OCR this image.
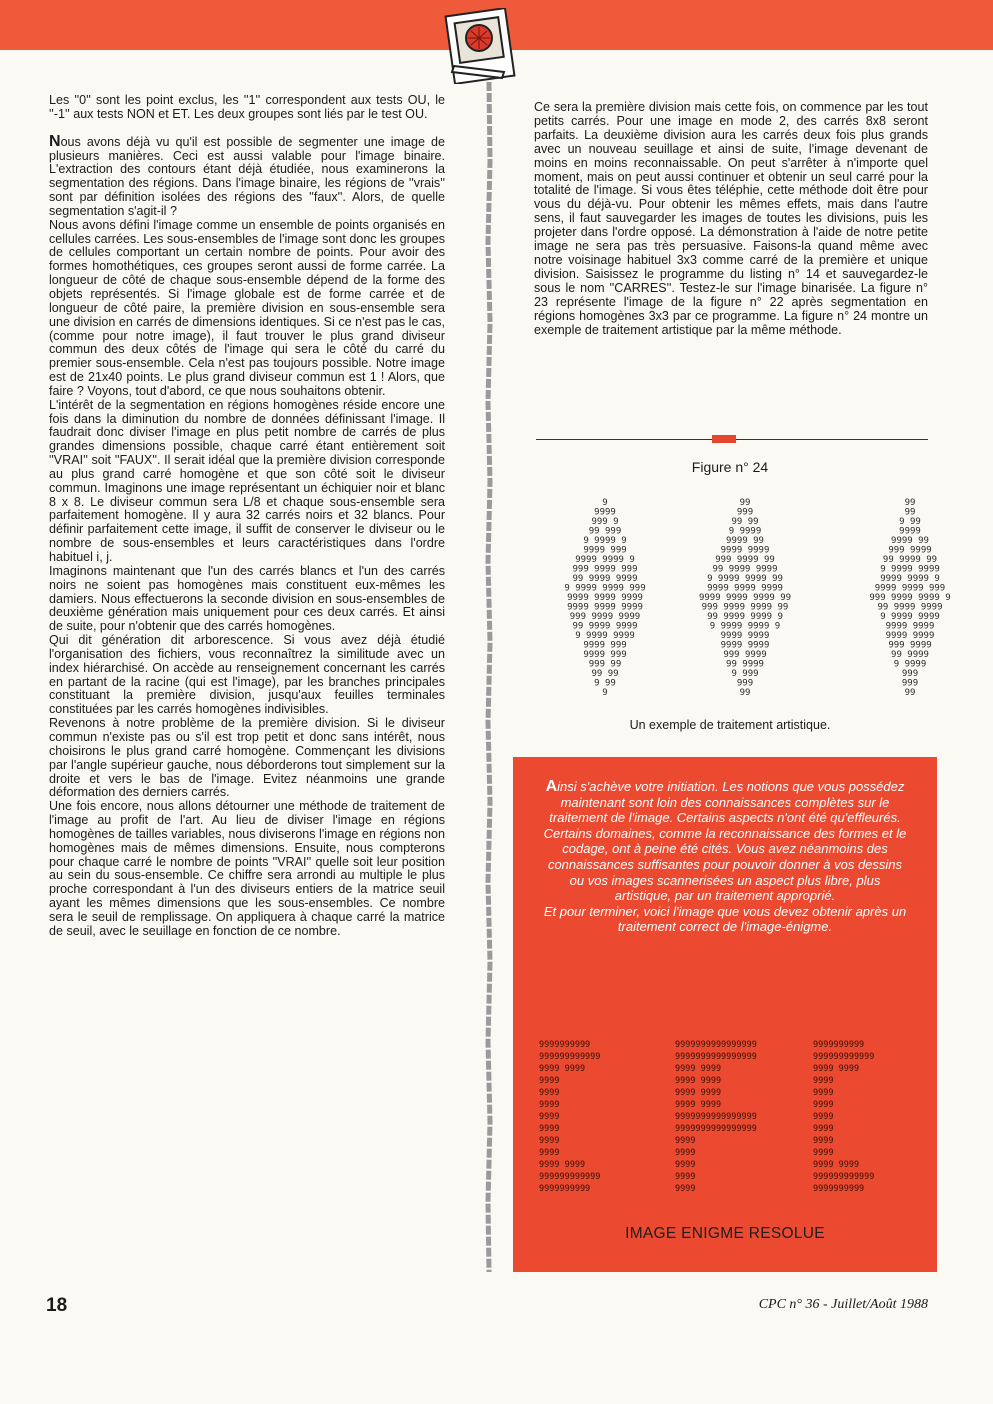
Les ''0'' sont les point exclus, les ''1'' correspondent aux tests OU, le ''-1'' aux tests NON et ET. Les deux groupes sont liés par le test OU.

Nous avons déjà vu qu'il est possible de segmenter une image de plusieurs manières. Ceci est aussi valable pour l'image binaire. L'extraction des contours étant déjà étudiée, nous examinerons la segmentation des régions. Dans l'image binaire, les régions de ''vrais'' sont par définition isolées des régions des ''faux''. Alors, de quelle segmentation s'agit-il ?

Nous avons défini l'image comme un ensemble de points organisés en cellules carrées. Les sous-ensembles de l'image sont donc les groupes de cellules comportant un certain nombre de points. Pour avoir des formes homothétiques, ces groupes seront aussi de forme carrée. La longueur de côté de chaque sous-ensemble dépend de la forme des objets représentés. Si l'image globale est de forme carrée et de longueur de côté paire, la première division en sous-ensemble sera une division en carrés de dimensions identiques. Si ce n'est pas le cas, (comme pour notre image), il faut trouver le plus grand diviseur commun des deux côtés de l'image qui sera le côté du carré du premier sous-ensemble. Cela n'est pas toujours possible. Notre image est de 21x40 points. Le plus grand diviseur commun est 1 ! Alors, que faire ? Voyons, tout d'abord, ce que nous souhaitons obtenir.

L'intérêt de la segmentation en régions homogènes réside encore une fois dans la diminution du nombre de données définissant l'image. Il faudrait donc diviser l'image en plus petit nombre de carrés de plus grandes dimensions possible, chaque carré étant entièrement soit ''VRAI'' soit ''FAUX''. Il serait idéal que la première division corresponde au plus grand carré homogène et que son côté soit le diviseur commun. Imaginons une image représentant un échiquier noir et blanc 8 x 8. Le diviseur commun sera L/8 et chaque sous-ensemble sera parfaitement homogène. Il y aura 32 carrés noirs et 32 blancs. Pour définir parfaitement cette image, il suffit de conserver le diviseur ou le nombre de sous-ensembles et leurs caractéristiques dans l'ordre habituel i, j.

Imaginons maintenant que l'un des carrés blancs et l'un des carrés noirs ne soient pas homogènes mais constituent eux-mêmes les damiers. Nous effectuerons la seconde division en sous-ensembles de deuxième génération mais uniquement pour ces deux carrés. Et ainsi de suite, pour n'obtenir que des carrés homogènes.

Qui dit génération dit arborescence. Si vous avez déjà étudié l'organisation des fichiers, vous reconnaîtrez la similitude avec un index hiérarchisé. On accède au renseignement concernant les carrés en partant de la racine (qui est l'image), par les branches principales constituant la première division, jusqu'aux feuilles terminales constituées par les carrés homogènes indivisibles.

Revenons à notre problème de la première division. Si le diviseur commun n'existe pas ou s'il est trop petit et donc sans intérêt, nous choisirons le plus grand carré homogène. Commençant les divisions par l'angle supérieur gauche, nous déborderons tout simplement sur la droite et vers le bas de l'image. Evitez néanmoins une grande déformation des derniers carrés.

Une fois encore, nous allons détourner une méthode de traitement de l'image au profit de l'art. Au lieu de diviser l'image en régions homogènes de tailles variables, nous diviserons l'image en régions non homogènes mais de mêmes dimensions. Ensuite, nous compterons pour chaque carré le nombre de points ''VRAI'' quelle soit leur position au sein du sous-ensemble. Ce chiffre sera arrondi au multiple le plus proche correspondant à l'un des diviseurs entiers de la matrice seuil ayant les mêmes dimensions que les sous-ensembles. Ce nombre sera le seuil de remplissage. On appliquera à chaque carré la matrice de seuil, avec le seuillage en fonction de ce nombre.

Ce sera la première division mais cette fois, on commence par les tout petits carrés. Pour une image en mode 2, des carrés 8x8 seront parfaits. La deuxième division aura les carrés deux fois plus grands avec un nouveau seuillage et ainsi de suite, l'image devenant de moins en moins reconnaissable. On peut s'arrêter à n'importe quel moment, mais on peut aussi continuer et obtenir un seul carré pour la totalité de l'image. Si vous êtes téléphie, cette méthode doit être pour vous du déjà-vu. Pour obtenir les mêmes effets, mais dans l'autre sens, il faut sauvegarder les images de toutes les divisions, puis les projeter dans l'ordre opposé. La démonstration à l'aide de notre petite image ne sera pas très persuasive. Faisons-la quand même avec notre voisinage habituel 3x3 comme carré de la première et unique division. Saisissez le programme du listing n° 14 et sauvegardez-le sous le nom ''CARRES''. Testez-le sur l'image binarisée. La figure n° 23 représente l'image de la figure n° 22 après segmentation en régions homogènes 3x3 par ce programme. La figure n° 24 montre un exemple de traitement artistique par la même méthode.

Figure n° 24
9
9999
999 9
99 999
9 9999 9
9999 999
9999 9999 9
999 9999 999
99 9999 9999
9 9999 9999 999
9999 9999 9999
9999 9999 9999
999 9999 9999
99 9999 9999
9 9999 9999
9999 999
9999 999
999 99
99 99
9 99
9
99
999
99 99
9 9999
9999 99
9999 9999
999 9999 99
99 9999 9999
9 9999 9999 99
9999 9999 9999
9999 9999 9999 99
999 9999 9999 99
99 9999 9999 9
9 9999 9999 9
9999 9999
9999 9999
999 9999
99 9999
9 999
999
99
99
99
9 99
9999
9999 99
999 9999
99 9999 99
9 9999 9999
9999 9999 9
9999 9999 999
999 9999 9999 9
99 9999 9999
9 9999 9999
9999 9999
9999 9999
999 9999
99 9999
9 9999
999
999
99
Un exemple de traitement artistique.
Ainsi s'achève votre initiation. Les notions que vous possédez maintenant sont loin des connaissances complètes sur le traitement de l'image. Certains aspects n'ont été qu'effleurés. Certains domaines, comme la reconnaissance des formes et le codage, ont à peine été cités. Vous avez néanmoins des connaissances suffisantes pour pouvoir donner à vos dessins ou vos images scannerisées un aspect plus libre, plus artistique, par un traitement approprié.
Et pour terminer, voici l'image que vous devez obtenir après un traitement correct de l'image-énigme.
9999999999
999999999999
9999 9999
9999
9999
9999
9999
9999
9999
9999
9999 9999
999999999999
9999999999
9999999999999999
9999999999999999
9999 9999
9999 9999
9999 9999
9999 9999
9999999999999999
9999999999999999
9999
9999
9999
9999
9999
9999999999
999999999999
9999 9999
9999
9999
9999
9999
9999
9999
9999
9999 9999
999999999999
9999999999
IMAGE ENIGME RESOLUE
18	CPC n° 36 - Juillet/Août 1988
